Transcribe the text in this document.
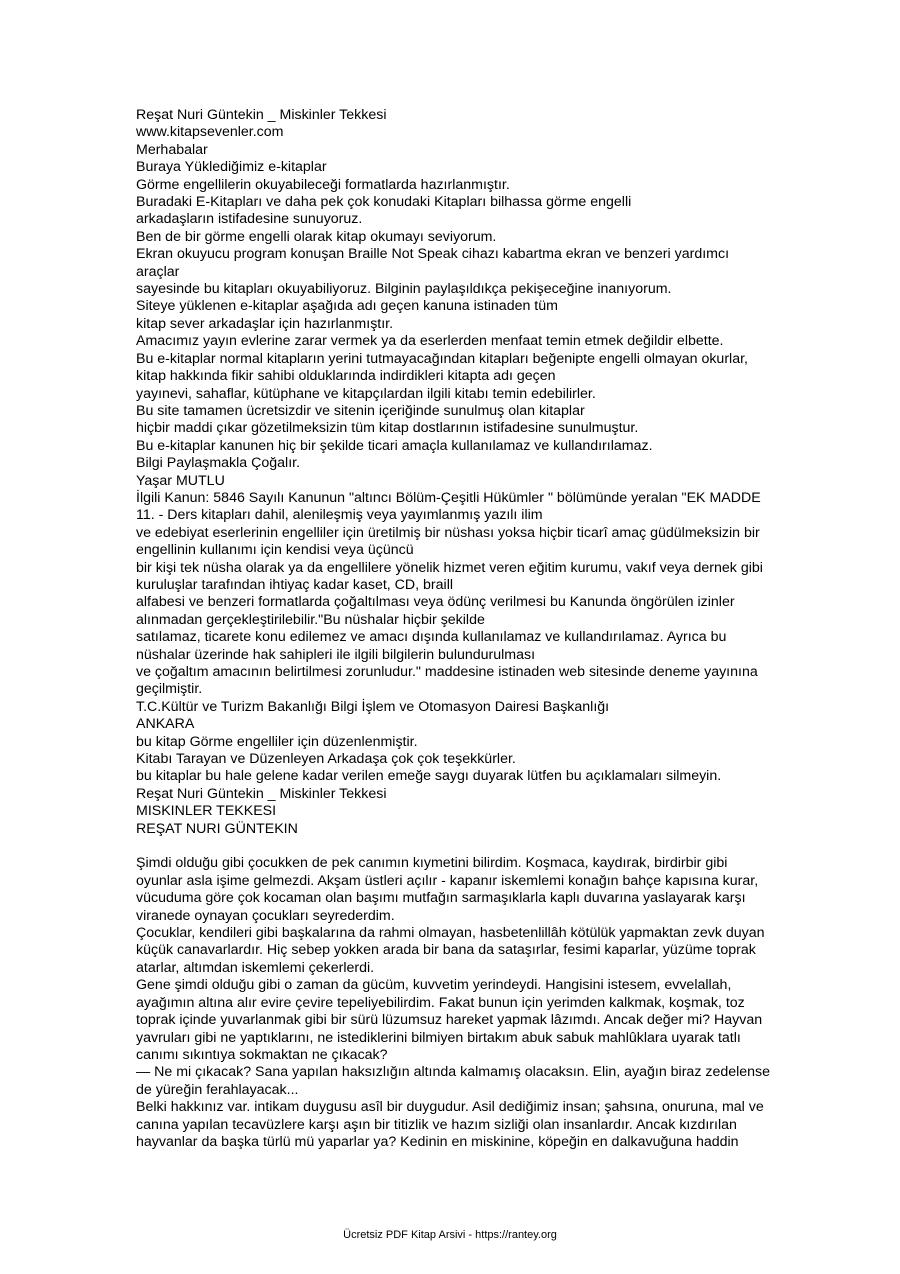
Reşat Nuri Güntekin _ Miskinler Tekkesi
www.kitapsevenler.com
Merhabalar
Buraya Yüklediğimiz e-kitaplar
Görme engellilerin okuyabileceği formatlarda hazırlanmıştır.
Buradaki E-Kitapları ve daha pek çok konudaki Kitapları bilhassa görme engelli
arkadaşların istifadesine sunuyoruz.
Ben de bir görme engelli olarak kitap okumayı seviyorum.
Ekran okuyucu program konuşan Braille Not Speak cihazı kabartma ekran ve benzeri yardımcı
araçlar
sayesinde bu kitapları okuyabiliyoruz. Bilginin paylaşıldıkça pekişeceğine inanıyorum.
Siteye yüklenen e-kitaplar aşağıda adı geçen kanuna istinaden tüm
kitap sever arkadaşlar için hazırlanmıştır.
Amacımız yayın evlerine zarar vermek ya da eserlerden menfaat temin etmek değildir elbette.
Bu e-kitaplar normal kitapların yerini tutmayacağından kitapları beğenipte engelli olmayan okurlar,
kitap hakkında fikir sahibi olduklarında indirdikleri kitapta adı geçen
yayınevi, sahaflar, kütüphane ve kitapçılardan ilgili kitabı temin edebilirler.
Bu site tamamen ücretsizdir ve sitenin içeriğinde sunulmuş olan kitaplar
hiçbir maddi çıkar gözetilmeksizin tüm kitap dostlarının istifadesine sunulmuştur.
Bu e-kitaplar kanunen hiç bir şekilde ticari amaçla kullanılamaz ve kullandırılamaz.
Bilgi Paylaşmakla Çoğalır.
Yaşar MUTLU
İlgili Kanun: 5846 Sayılı Kanunun "altıncı Bölüm-Çeşitli Hükümler " bölümünde yeralan "EK MADDE
11. - Ders kitapları dahil, alenileşmiş veya yayımlanmış yazılı ilim
ve edebiyat eserlerinin engelliler için üretilmiş bir nüshası yoksa hiçbir ticarî amaç güdülmeksizin bir
engellinin kullanımı için kendisi veya üçüncü
bir kişi tek nüsha olarak ya da engellilere yönelik hizmet veren eğitim kurumu, vakıf veya dernek gibi
kuruluşlar tarafından ihtiyaç kadar kaset, CD, braill
alfabesi ve benzeri formatlarda çoğaltılması veya ödünç verilmesi bu Kanunda öngörülen izinler
alınmadan gerçekleştirilebilir."Bu nüshalar hiçbir şekilde
satılamaz, ticarete konu edilemez ve amacı dışında kullanılamaz ve kullandırılamaz. Ayrıca bu
nüshalar üzerinde hak sahipleri ile ilgili bilgilerin bulundurulması
ve çoğaltım amacının belirtilmesi zorunludur." maddesine istinaden web sitesinde deneme yayınına
geçilmiştir.
T.C.Kültür ve Turizm Bakanlığı Bilgi İşlem ve Otomasyon Dairesi Başkanlığı
ANKARA
bu kitap Görme engelliler için düzenlenmiştir.
Kitabı Tarayan ve Düzenleyen Arkadaşa çok çok teşekkürler.
bu kitaplar bu hale gelene kadar verilen emeğe saygı duyarak lütfen bu açıklamaları silmeyin.
Reşat Nuri Güntekin _ Miskinler Tekkesi
MISKINLER TEKKESI
REŞAT NURI GÜNTEKIN
Şimdi olduğu gibi çocukken de pek canımın kıymetini bilirdim. Koşmaca, kaydırak, birdirbir gibi
oyunlar asla işime gelmezdi. Akşam üstleri açılır - kapanır iskemlemi konağın bahçe kapısına kurar,
vücuduma göre çok kocaman olan başımı mutfağın sarmaşıklarla kaplı duvarına yaslayarak karşı
viranede oynayan çocukları seyrederdim.
Çocuklar, kendileri gibi başkalarına da rahmi olmayan, hasbetenlillâh kötülük yapmaktan zevk duyan
küçük canavarlardır. Hiç sebep yokken arada bir bana da sataşırlar, fesimi kaparlar, yüzüme toprak
atarlar, altımdan iskemlemi çekerlerdi.
Gene şimdi olduğu gibi o zaman da gücüm, kuvvetim yerindeydi. Hangisini istesem, evvelallah,
ayağımın altına alır evire çevire tepeliyebilirdim. Fakat bunun için yerimden kalkmak, koşmak, toz
toprak içinde yuvarlanmak gibi bir sürü lüzumsuz hareket yapmak lâzımdı. Ancak değer mi? Hayvan
yavruları gibi ne yaptıklarını, ne istediklerini bilmiyen birtakım abuk sabuk mahlûklara uyarak tatlı
canımı sıkıntıya sokmaktan ne çıkacak?
— Ne mi çıkacak? Sana yapılan haksızlığın altında kalmamış olacaksın. Elin, ayağın biraz zedelense
de yüreğin ferahlayacak...
Belki hakkınız var. intikam duygusu asîl bir duygudur. Asil dediğimiz insan; şahsına, onuruna, mal ve
canına yapılan tecavüzlere karşı aşın bir titizlik ve hazım sizliği olan insanlardır. Ancak kızdırılan
hayvanlar da başka türlü mü yaparlar ya? Kedinin en miskinine, köpeğin en dalkavuğuna haddin
Ücretsiz PDF Kitap Arsivi - https://rantey.org
